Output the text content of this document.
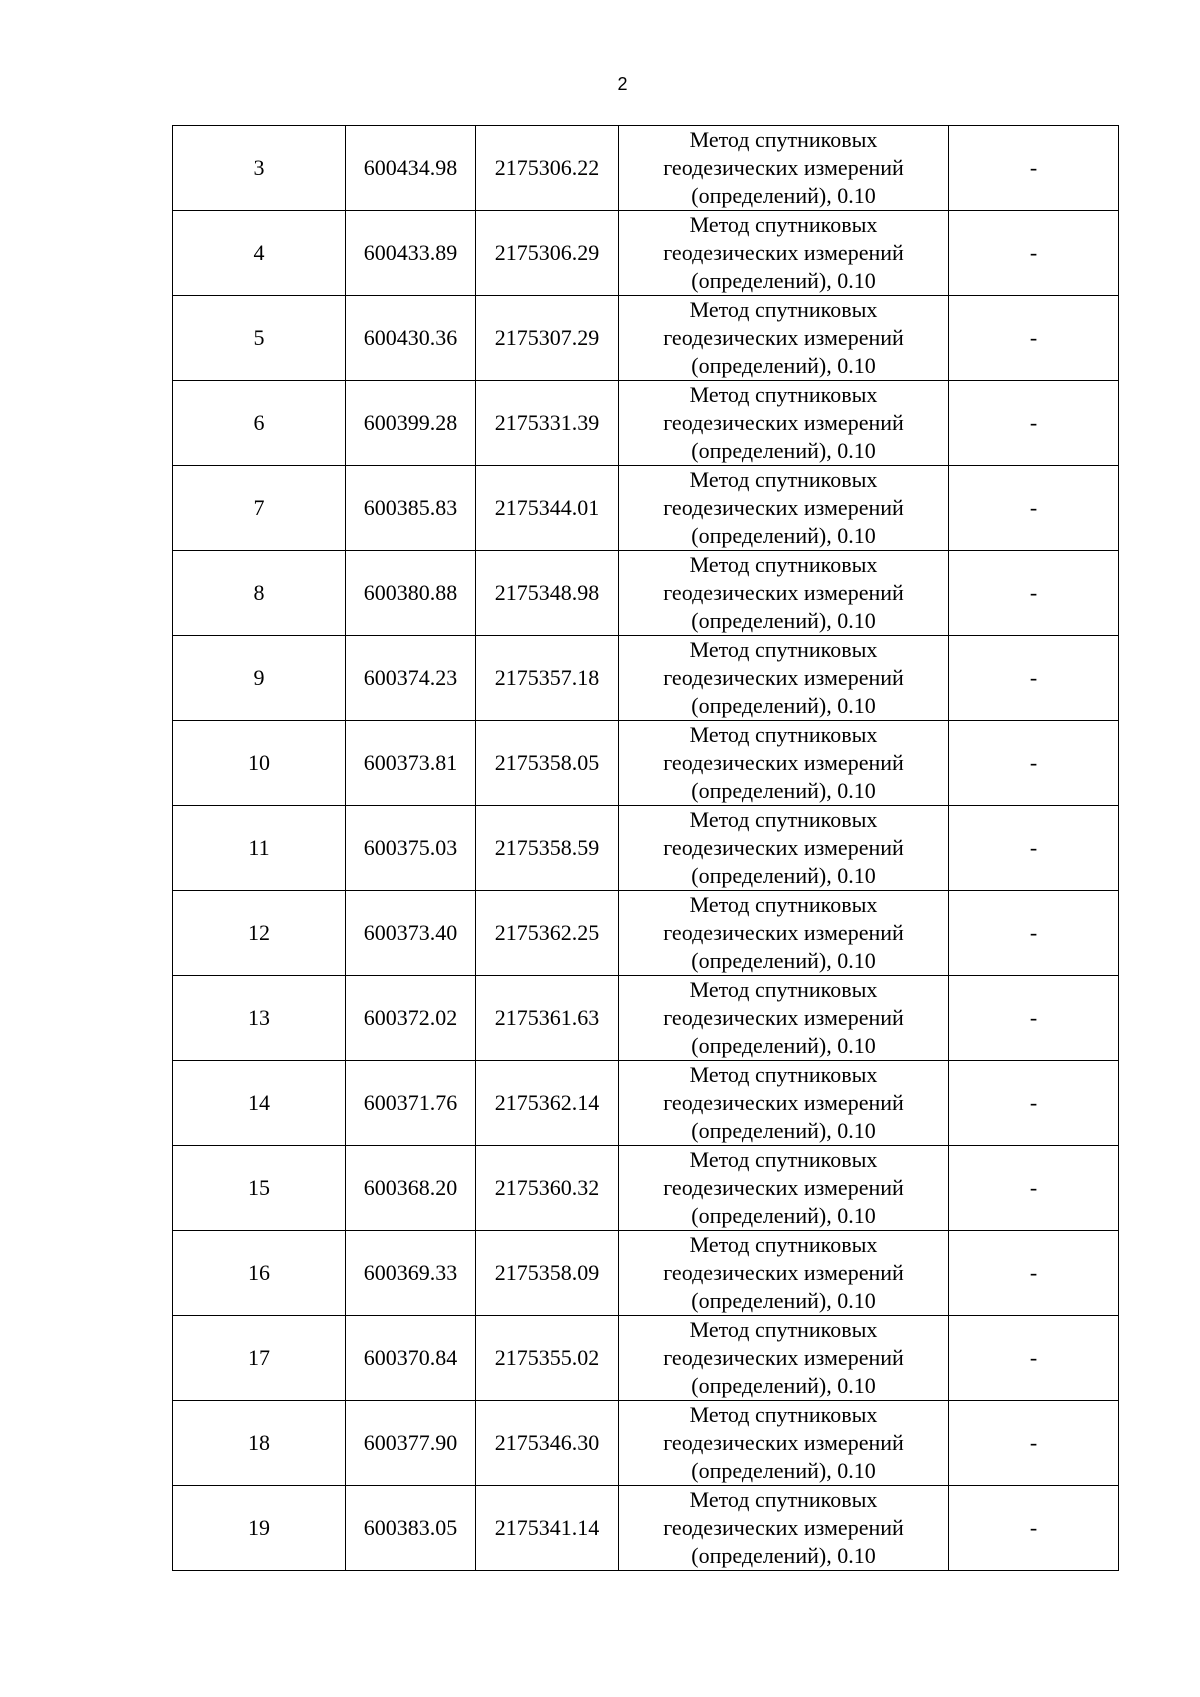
2
3	600434.98	2175306.22	Метод спутниковых
геодезических измерений
(определений), 0.10	-
4	600433.89	2175306.29	Метод спутниковых
геодезических измерений
(определений), 0.10	-
5	600430.36	2175307.29	Метод спутниковых
геодезических измерений
(определений), 0.10	-
6	600399.28	2175331.39	Метод спутниковых
геодезических измерений
(определений), 0.10	-
7	600385.83	2175344.01	Метод спутниковых
геодезических измерений
(определений), 0.10	-
8	600380.88	2175348.98	Метод спутниковых
геодезических измерений
(определений), 0.10	-
9	600374.23	2175357.18	Метод спутниковых
геодезических измерений
(определений), 0.10	-
10	600373.81	2175358.05	Метод спутниковых
геодезических измерений
(определений), 0.10	-
11	600375.03	2175358.59	Метод спутниковых
геодезических измерений
(определений), 0.10	-
12	600373.40	2175362.25	Метод спутниковых
геодезических измерений
(определений), 0.10	-
13	600372.02	2175361.63	Метод спутниковых
геодезических измерений
(определений), 0.10	-
14	600371.76	2175362.14	Метод спутниковых
геодезических измерений
(определений), 0.10	-
15	600368.20	2175360.32	Метод спутниковых
геодезических измерений
(определений), 0.10	-
16	600369.33	2175358.09	Метод спутниковых
геодезических измерений
(определений), 0.10	-
17	600370.84	2175355.02	Метод спутниковых
геодезических измерений
(определений), 0.10	-
18	600377.90	2175346.30	Метод спутниковых
геодезических измерений
(определений), 0.10	-
19	600383.05	2175341.14	Метод спутниковых
геодезических измерений
(определений), 0.10	-
